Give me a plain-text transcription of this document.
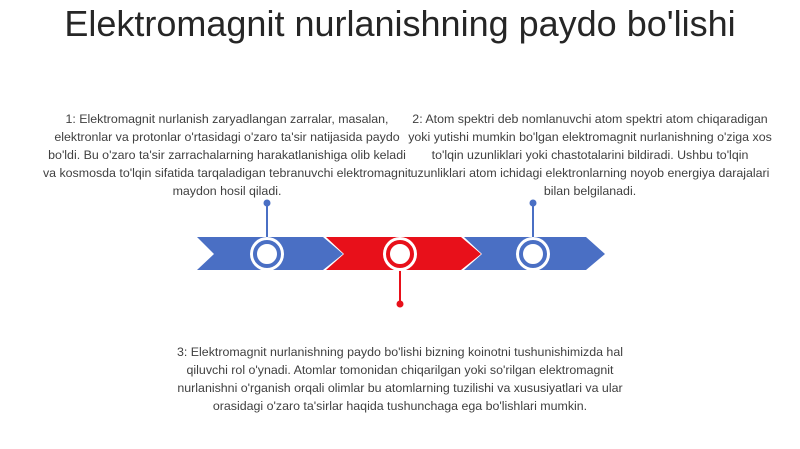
Elektromagnit nurlanishning paydo bo'lishi
1: Elektromagnit nurlanish zaryadlangan zarralar, masalan, elektronlar va protonlar o'rtasidagi o'zaro ta'sir natijasida paydo bo'ldi. Bu o'zaro ta'sir zarrachalarning harakatlanishiga olib keladi va kosmosda to'lqin sifatida tarqaladigan tebranuvchi elektromagnit maydon hosil qiladi.
2: Atom spektri deb nomlanuvchi atom spektri atom chiqaradigan yoki yutishi mumkin bo'lgan elektromagnit nurlanishning o'ziga xos to'lqin uzunliklari yoki chastotalarini bildiradi. Ushbu to'lqin uzunliklari atom ichidagi elektronlarning noyob energiya darajalari bilan belgilanadi.
3: Elektromagnit nurlanishning paydo bo'lishi bizning koinotni tushunishimizda hal qiluvchi rol o'ynadi. Atomlar tomonidan chiqarilgan yoki so'rilgan elektromagnit nurlanishni o'rganish orqali olimlar bu atomlarning tuzilishi va xususiyatlari va ular orasidagi o'zaro ta'sirlar haqida tushunchaga ega bo'lishlari mumkin.
